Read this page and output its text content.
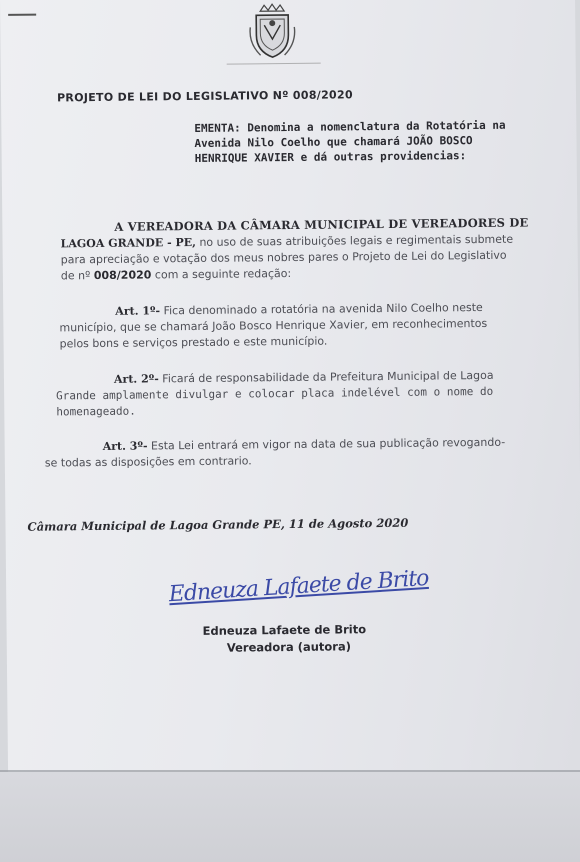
PROJETO DE LEI DO LEGISLATIVO Nº 008/2020
EMENTA: Denomina a nomenclatura da Rotatória na
Avenida Nilo Coelho que chamará JOÃO BOSCO
HENRIQUE XAVIER e dá outras providencias:
A VEREADORA DA CÂMARA MUNICIPAL DE VEREADORES DE
LAGOA GRANDE - PE, no uso de suas atribuições legais e regimentais submete
para apreciação e votação dos meus nobres pares o Projeto de Lei do Legislativo
de nº 008/2020 com a seguinte redação:
Art. 1º- Fica denominado a rotatória na avenida Nilo Coelho neste
município, que se chamará João Bosco Henrique Xavier, em reconhecimentos
pelos bons e serviços prestado e este município.
Art. 2º- Ficará de responsabilidade da Prefeitura Municipal de Lagoa
Grande amplamente divulgar e colocar placa indelével com o nome do
homenageado.
Art. 3º- Esta Lei entrará em vigor na data de sua publicação revogando-
se todas as disposições em contrario.
Câmara Municipal de Lagoa Grande PE, 11 de Agosto 2020
Edneuza Lafaete de Brito
Edneuza Lafaete de Brito
Vereadora (autora)
